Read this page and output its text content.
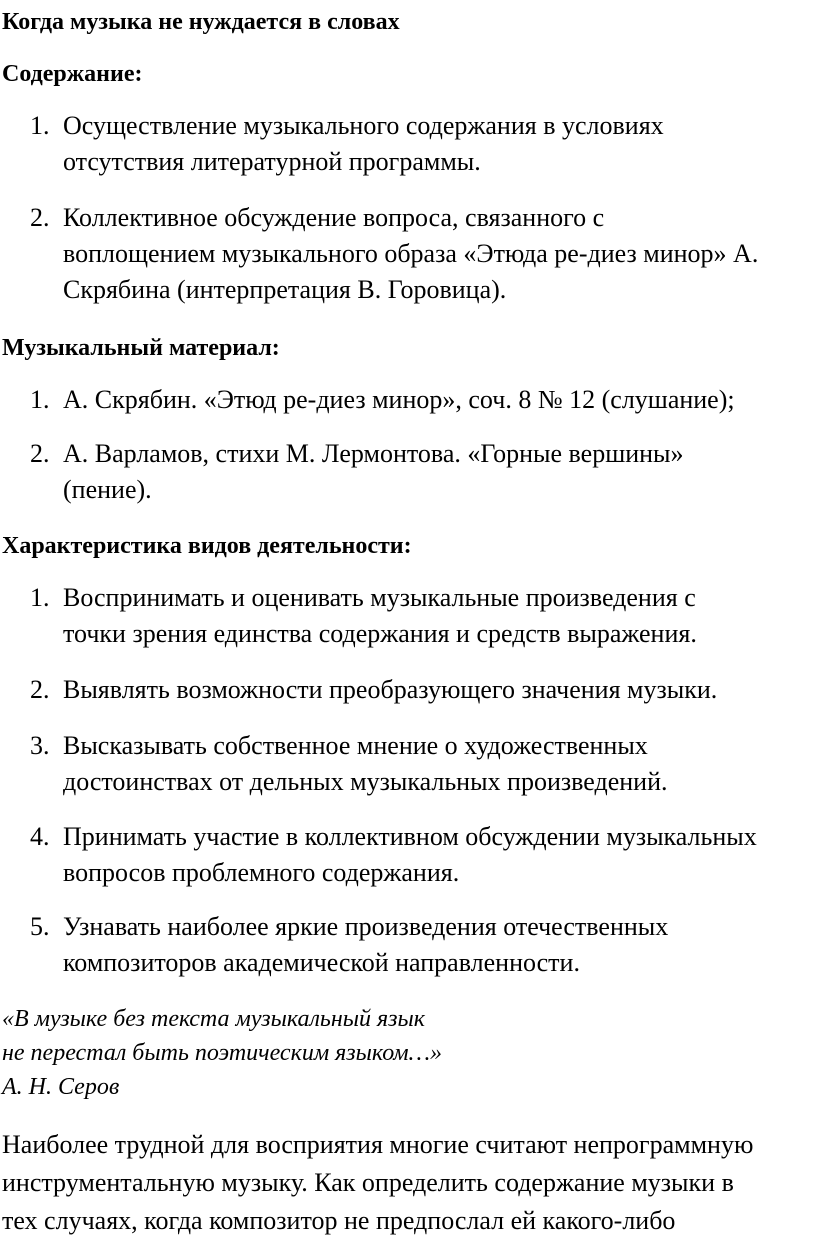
Когда музыка не нуждается в словах
Содержание:
1. Осуществление музыкального содержания в условиях
отсутствия литературной программы.
2. Коллективное обсуждение вопроса, связанного с
воплощением музыкального образа «Этюда ре-диез минор» А.
Скрябина (интерпретация В. Горовица).
Музыкальный материал:
1. А. Скрябин. «Этюд ре-диез минор», соч. 8 № 12 (слушание);
2. А. Варламов, стихи М. Лермонтова. «Горные вершины»
(пение).
Характеристика видов деятельности:
1. Воспринимать и оценивать музыкальные произведения с
точки зрения единства содержания и средств выражения.
2. Выявлять возможности преобразующего значения музыки.
3. Высказывать собственное мнение о художественных
достоинствах от дельных музыкальных произведений.
4. Принимать участие в коллективном обсуждении музыкальных
вопросов проблемного содержания.
5. Узнавать наиболее яркие произведения отечественных
композиторов академической направленности.
«В музыке без текста музыкальный язык
не перестал быть поэтическим языком…»
А. Н. Серов
Наиболее трудной для восприятия многие считают непрограммную
инструментальную музыку. Как определить содержание музыки в
тех случаях, когда композитор не предпослал ей какого-либо
